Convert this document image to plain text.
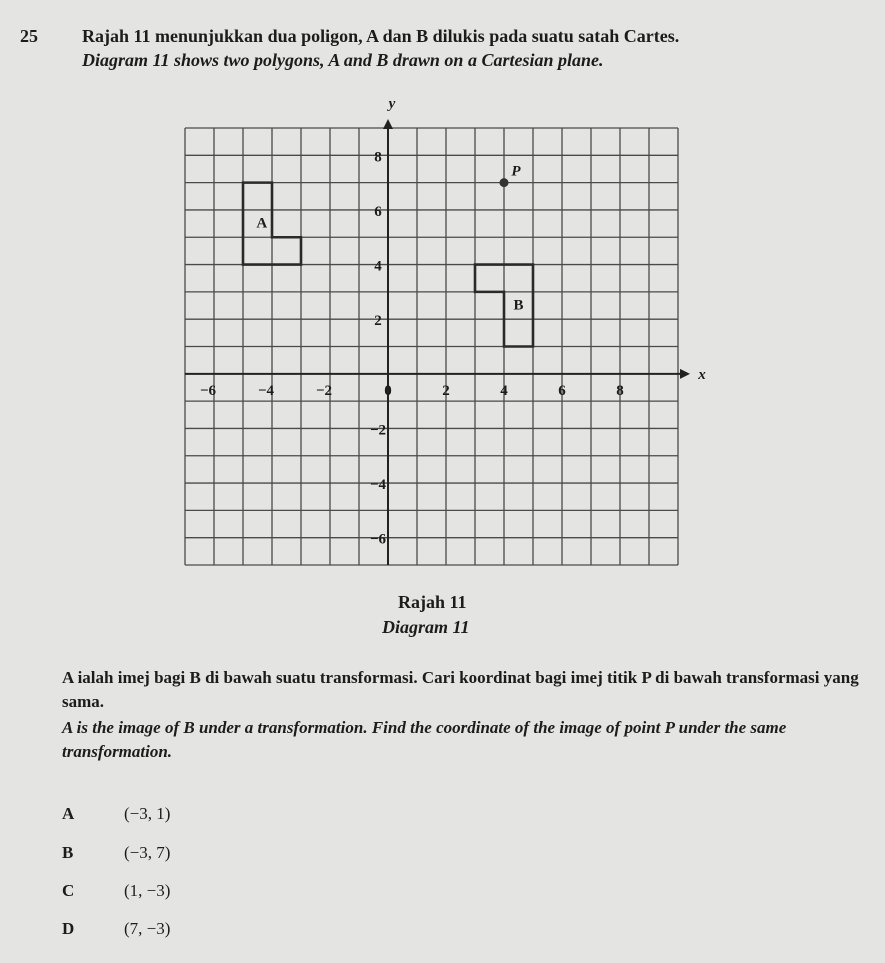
25 Rajah 11 menunjukkan dua poligon, A dan B dilukis pada suatu satah Cartes.
Diagram 11 shows two polygons, A and B drawn on a Cartesian plane.
x
y
−6	−4	−2	0	2	4	6	8
8
6
4
2
−2
−4
−6
A
B
P
Rajah 11
Diagram 11
A ialah imej bagi B di bawah suatu transformasi. Cari koordinat bagi imej titik P di bawah transformasi yang sama.
A is the image of B under a transformation. Find the coordinate of the image of point P under the same transformation.
A	(−3, 1)
B	(−3, 7)
C	(1, −3)
D	(7, −3)
